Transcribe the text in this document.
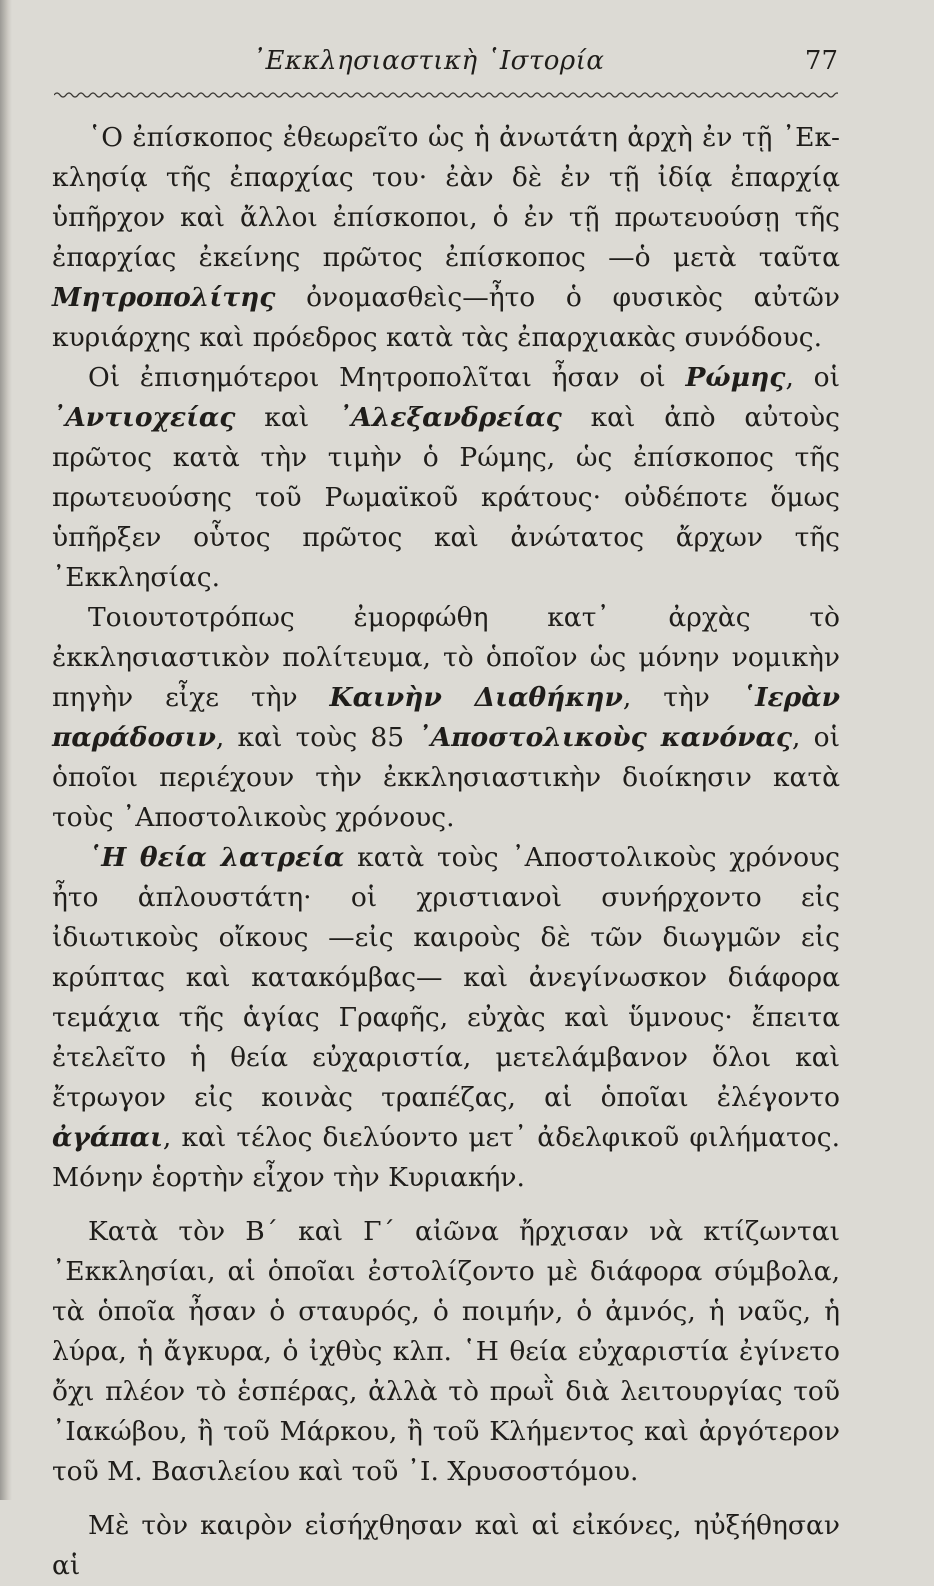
᾽Εκκλησιαστικὴ ῾Ιστορία	77

῾Ο ἐπίσκοπος ἐθεωρεῖτο ὡς ἡ ἀνωτάτη ἀρχὴ ἐν τῇ ᾽Εκκλησίᾳ τῆς ἐπαρχίας του· ἐὰν δὲ ἐν τῇ ἰδίᾳ ἐπαρχίᾳ ὑπῆρχον καὶ ἄλλοι ἐπίσκοποι, ὁ ἐν τῇ πρωτευούσῃ τῆς ἐπαρχίας ἐκείνης πρῶτος ἐπίσκοπος —ὁ μετὰ ταῦτα Μητροπολίτης ὀνομασθεὶς—ἦτο ὁ φυσικὸς αὐτῶν κυριάρχης καὶ πρόεδρος κατὰ τὰς ἐπαρχιακὰς συνόδους.

Οἱ ἐπισημότεροι Μητροπολῖται ἦσαν οἱ Ρώμης, οἱ ᾽Αντιοχείας καὶ ᾽Αλεξανδρείας καὶ ἀπὸ αὐτοὺς πρῶτος κατὰ τὴν τιμὴν ὁ Ρώμης, ὡς ἐπίσκοπος τῆς πρωτευούσης τοῦ Ρωμαϊκοῦ κράτους· οὐδέποτε ὅμως ὑπῆρξεν οὗτος πρῶτος καὶ ἀνώτατος ἄρχων τῆς ᾽Εκκλησίας.

Τοιουτοτρόπως ἐμορφώθη κατ᾽ ἀρχὰς τὸ ἐκκλησιαστικὸν πολίτευμα, τὸ ὁποῖον ὡς μόνην νομικὴν πηγὴν εἶχε τὴν Καινὴν Διαθήκην, τὴν ῾Ιερὰν παράδοσιν, καὶ τοὺς 85 ᾽Αποστολικοὺς κανόνας, οἱ ὁποῖοι περιέχουν τὴν ἐκκλησιαστικὴν διοίκησιν κατὰ τοὺς ᾽Αποστολικοὺς χρόνους.

῾Η θεία λατρεία κατὰ τοὺς ᾽Αποστολικοὺς χρόνους ἦτο ἁπλουστάτη· οἱ χριστιανοὶ συνήρχοντο εἰς ἰδιωτικοὺς οἴκους —εἰς καιροὺς δὲ τῶν διωγμῶν εἰς κρύπτας καὶ κατακόμβας— καὶ ἀνεγίνωσκον διάφορα τεμάχια τῆς ἁγίας Γραφῆς, εὐχὰς καὶ ὕμνους· ἔπειτα ἐτελεῖτο ἡ θεία εὐχαριστία, μετελάμβανον ὅλοι καὶ ἔτρωγον εἰς κοινὰς τραπέζας, αἱ ὁποῖαι ἐλέγοντο ἀγάπαι, καὶ τέλος διελύοντο μετ᾽ ἀδελφικοῦ φιλήματος. Μόνην ἑορτὴν εἶχον τὴν Κυριακήν.

Κατὰ τὸν Β´ καὶ Γ´ αἰῶνα ἤρχισαν νὰ κτίζωνται ᾽Εκκλησίαι, αἱ ὁποῖαι ἐστολίζοντο μὲ διάφορα σύμβολα, τὰ ὁποῖα ἦσαν ὁ σταυρός, ὁ ποιμήν, ὁ ἀμνός, ἡ ναῦς, ἡ λύρα, ἡ ἄγκυρα, ὁ ἰχθὺς κλπ. ῾Η θεία εὐχαριστία ἐγίνετο ὄχι πλέον τὸ ἑσπέρας, ἀλλὰ τὸ πρωῒ διὰ λειτουργίας τοῦ ᾽Ιακώβου, ἢ τοῦ Μάρκου, ἢ τοῦ Κλήμεντος καὶ ἀργότερον τοῦ Μ. Βασιλείου καὶ τοῦ ᾽Ι. Χρυσοστόμου.

Μὲ τὸν καιρὸν εἰσήχθησαν καὶ αἱ εἰκόνες, ηὐξήθησαν αἱ
